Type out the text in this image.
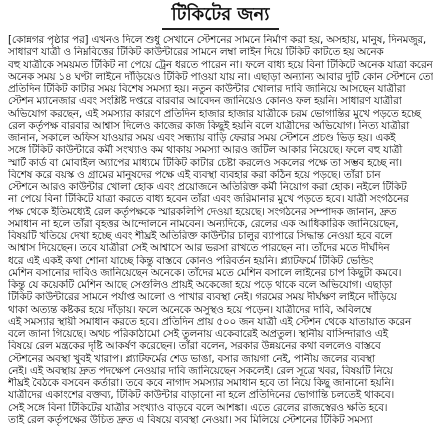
টিকিটের জন্য
[কোন্নগর পৃষ্ঠার পর] এখনও দিলে শুধু সেখানে স্টেশনের সামনে নির্মাণ করা হয়, অসহায়, মানুষ, দিনমজুর,
সাধারণ যাত্রী ও নিম্নবিত্তের টিকিট কাউন্টারের সামনে লম্বা লাইন দিয়ে টিকিট কাটতে হয় অনেক
বহু যাত্রীকে সময়মত টিকিট না পেয়ে ট্রেন ধরতে পারেন না। ফলে বাধ্য হয়ে বিনা টিকিটে অনেক যাত্রা করেন
অনেক সময় ১৪ ঘণ্টা লাইনে দাঁড়িয়েও টিকিট পাওয়া যায় না। এছাড়া অন্যান্য আবার দুটি কোন স্টেশনে তো
প্রতিদিন টিকিট কাটার সময় বিশেষ সমস্যা হয়। নতুন কাউন্টার খোলার দাবি জানিয়ে আসছেন যাত্রীরা
স্টেশন ম্যানেজার এবং সংশ্লিষ্ট দপ্তরে বারবার আবেদন জানিয়েও কোনও ফল হয়নি। সাধারণ যাত্রীরা
অভিযোগ করছেন, এই সমস্যার কারণে প্রতিদিন হাজার হাজার যাত্রীকে চরম ভোগান্তির মুখে পড়তে হচ্ছে
রেল কর্তৃপক্ষ বারবার আশ্বাস দিলেও কাজের কাজ কিছুই হয়নি বলে যাত্রীদের অভিযোগ। নিত্য যাত্রীরা
জানান, সকালে অফিস যাওয়ার সময় এবং সন্ধ্যায় বাড়ি ফেরার সময় স্টেশনে প্রচণ্ড ভিড় হয়। একই
সঙ্গে টিকিট কাউন্টারে কর্মী সংখ্যাও কম থাকায় সমস্যা আরও জটিল আকার নিয়েছে। ফলে বহু যাত্রী
স্মার্ট কার্ড বা মোবাইল অ্যাপের মাধ্যমে টিকিট কাটার চেষ্টা করলেও সকলের পক্ষে তা সম্ভব হচ্ছে না।
বিশেষ করে বয়স্ক ও গ্রামের মানুষদের পক্ষে এই ব্যবস্থা ব্যবহার করা কঠিন হয়ে পড়ছে। তাঁরা চান
স্টেশনে আরও কাউন্টার খোলা হোক এবং প্রয়োজনে অতিরিক্ত কর্মী নিয়োগ করা হোক। নইলে টিকিট
না পেয়ে বিনা টিকিটে যাত্রা করতে বাধ্য হবেন তাঁরা এবং জরিমানার মুখে পড়তে হবে। যাত্রী সংগঠনের
পক্ষ থেকে ইতিমধ্যেই রেল কর্তৃপক্ষকে স্মারকলিপি দেওয়া হয়েছে। সংগঠনের সম্পাদক জানান, দ্রুত
সমাধান না হলে তাঁরা বৃহত্তর আন্দোলনে নামবেন। অন্যদিকে, রেলের এক আধিকারিক জানিয়েছেন,
বিষয়টি খতিয়ে দেখা হচ্ছে এবং শীঘ্রই অতিরিক্ত কাউন্টার চালুর ব্যাপারে সিদ্ধান্ত নেওয়া হবে বলে
আশ্বাস দিয়েছেন। তবে যাত্রীরা সেই আশ্বাসে আর ভরসা রাখতে পারছেন না। তাঁদের মতে দীর্ঘদিন
ধরে এই একই কথা শোনা যাচ্ছে কিন্তু বাস্তবে কোনও পরিবর্তন হয়নি। প্ল্যাটফর্মে টিকিট ভেন্ডিং
মেশিন বসানোর দাবিও জানিয়েছেন অনেকে। তাঁদের মতে মেশিন বসালে লাইনের চাপ কিছুটা কমবে।
কিন্তু যে কয়েকটি মেশিন আছে সেগুলিও প্রায়ই অকেজো হয়ে পড়ে থাকে বলে অভিযোগ। এছাড়া
টিকিট কাউন্টারের সামনে পর্যাপ্ত আলো ও পাখার ব্যবস্থা নেই। গরমের সময় দীর্ঘক্ষণ লাইনে দাঁড়িয়ে
থাকা অত্যন্ত কষ্টকর হয়ে দাঁড়ায়। ফলে অনেকে অসুস্থও হয়ে পড়েন। যাত্রীদের দাবি, অবিলম্বে
এই সমস্যার স্থায়ী সমাধান করতে হবে। প্রতিদিন প্রায় ৫০০ জন যাত্রী এই স্টেশন থেকে যাতায়াত করেন
বলে জানা গিয়েছে। অথচ পরিকাঠামো সেই তুলনায় একেবারেই অপ্রতুল। স্থানীয় বাসিন্দারাও এই
বিষয়ে রেল মন্ত্রকের দৃষ্টি আকর্ষণ করেছেন। তাঁরা বলেন, সরকার উন্নয়নের কথা বললেও বাস্তবে
স্টেশনের অবস্থা খুবই খারাপ। প্ল্যাটফর্মের শেড ভাঙা, বসার জায়গা নেই, পানীয় জলের ব্যবস্থা
নেই। এই অবস্থায় দ্রুত পদক্ষেপ নেওয়ার দাবি জানিয়েছেন সকলেই। রেল সূত্রে খবর, বিষয়টি নিয়ে
শীঘ্রই বৈঠকে বসবেন কর্তারা। তবে কবে নাগাদ সমস্যার সমাধান হবে তা নিয়ে কিছু জানানো হয়নি।
যাত্রীদের একাংশের বক্তব্য, টিকিট কাউন্টার বাড়ানো না হলে প্রতিদিনের ভোগান্তি চলতেই থাকবে।
সেই সঙ্গে বিনা টিকিটের যাত্রীর সংখ্যাও বাড়বে বলে আশঙ্কা। এতে রেলের রাজস্বেরও ক্ষতি হবে।
তাই রেল কর্তৃপক্ষের উচিত দ্রুত এ বিষয়ে ব্যবস্থা নেওয়া। সব মিলিয়ে স্টেশনের টিকিট সমস্যা
